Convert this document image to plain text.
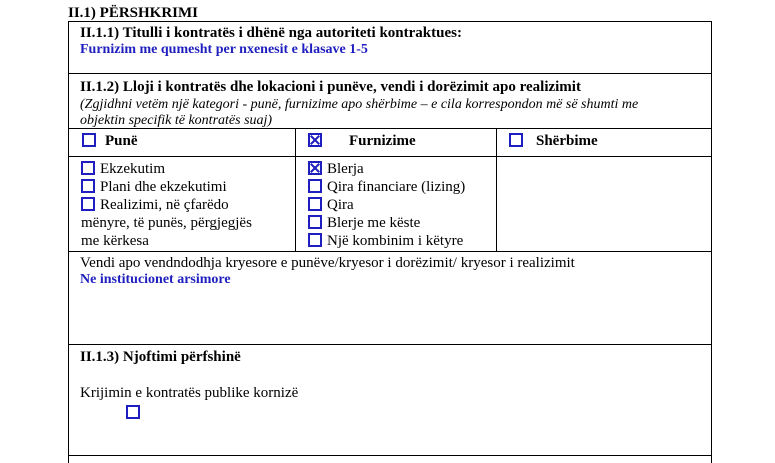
II.1) PËRSHKRIMI
II.1.1) Titulli i kontratës i dhënë nga autoriteti kontraktues:
Furnizim me qumesht per nxenesit e klasave 1-5
II.1.2) Lloji i kontratës dhe lokacioni i punëve, vendi i dorëzimit apo realizimit
(Zgjidhni vetëm një kategori - punë, furnizime apo shërbime – e cila korrespondon më së shumti me
objektin specifik të kontratës suaj)
Punë	Furnizime	Shërbime
Ekzekutim
Plani dhe ekzekutimi
Realizimi, në çfarëdo
mënyre, të punës, përgjegjës
me kërkesa
Blerja
Qira financiare (lizing)
Qira
Blerje me këste
Një kombinim i këtyre
Vendi apo vendndodhja kryesore e punëve/kryesor i dorëzimit/ kryesor i realizimit
Ne institucionet arsimore
II.1.3) Njoftimi përfshinë
Krijimin e kontratës publike kornizë
